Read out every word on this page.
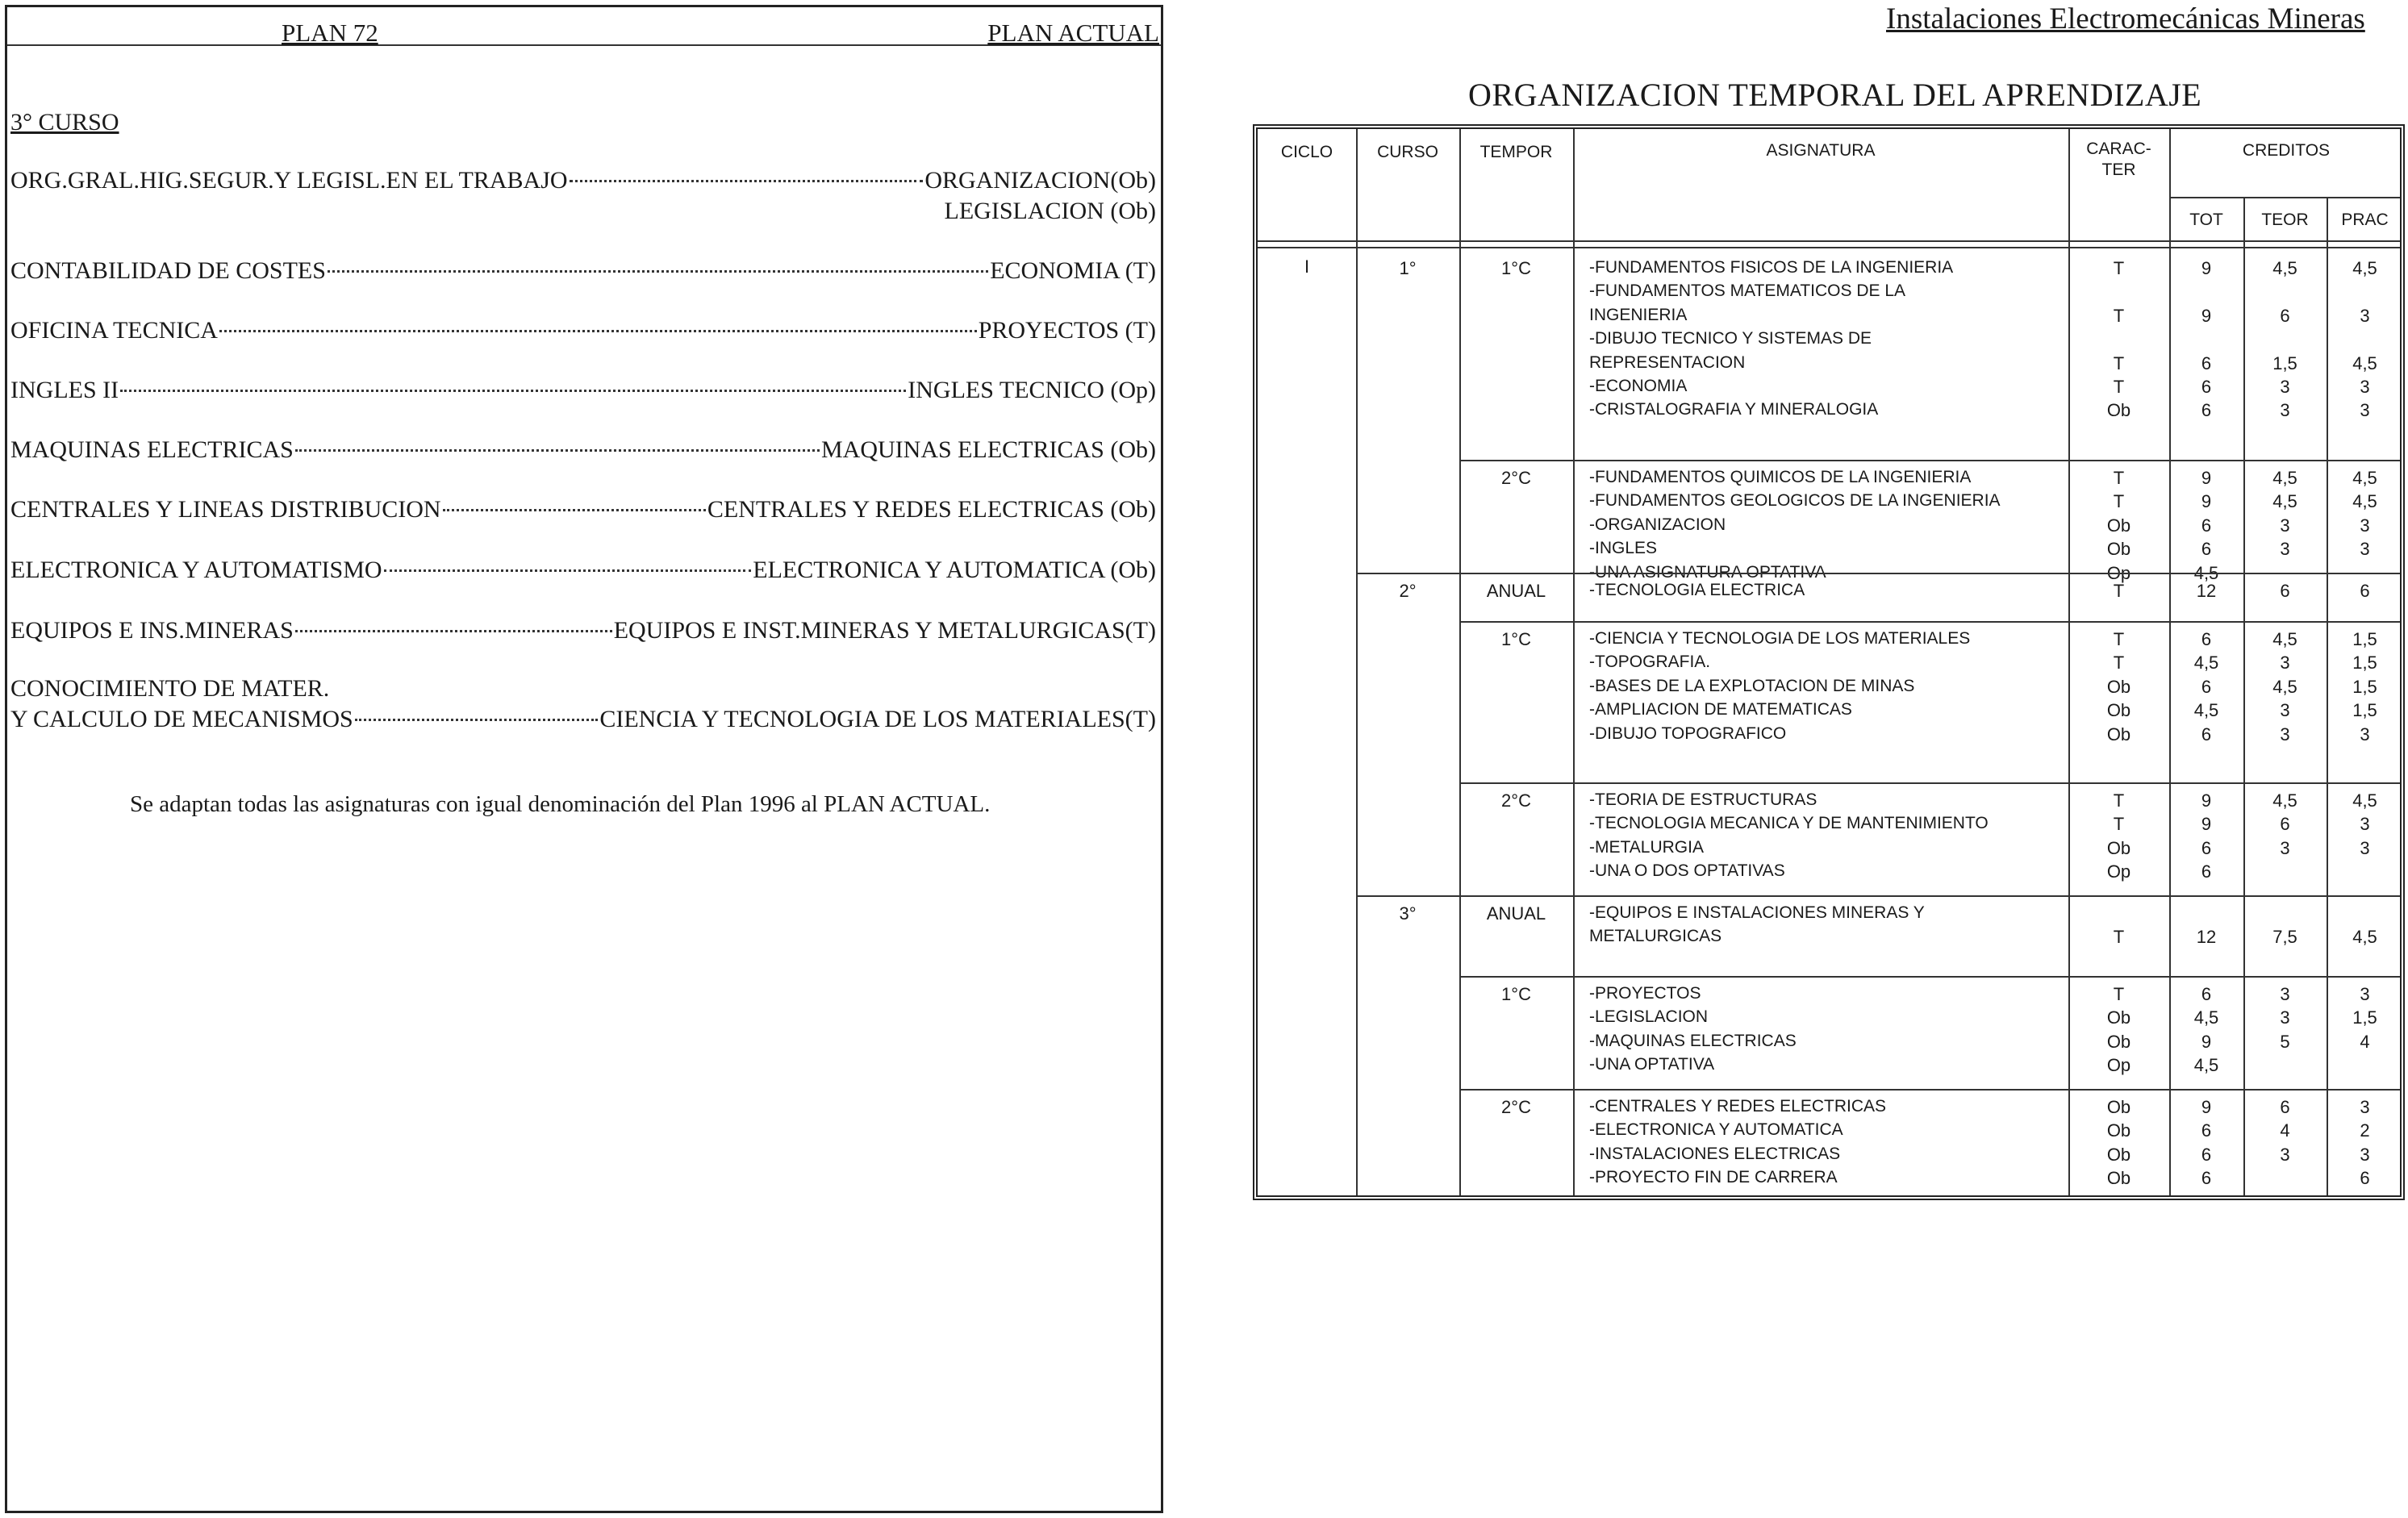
PLAN 72	PLAN ACTUAL
3° CURSO
ORG.GRAL.HIG.SEGUR.Y LEGISL.EN EL TRABAJO	ORGANIZACION(Ob)
LEGISLACION (Ob)
CONTABILIDAD DE COSTES	ECONOMIA (T)
OFICINA TECNICA	PROYECTOS (T)
INGLES II	INGLES TECNICO (Op)
MAQUINAS ELECTRICAS	MAQUINAS ELECTRICAS (Ob)
CENTRALES Y LINEAS DISTRIBUCION	CENTRALES Y REDES ELECTRICAS (Ob)
ELECTRONICA Y AUTOMATISMO	ELECTRONICA Y AUTOMATICA (Ob)
EQUIPOS E INS.MINERAS	EQUIPOS E INST.MINERAS Y METALURGICAS(T)
CONOCIMIENTO DE MATER.
Y CALCULO DE MECANISMOS	CIENCIA Y TECNOLOGIA DE LOS MATERIALES(T)
Se adaptan todas las asignaturas con igual denominación del Plan 1996 al PLAN ACTUAL.
Instalaciones Electromecánicas Mineras
ORGANIZACION TEMPORAL DEL APRENDIZAJE
CICLO	CURSO	TEMPOR	ASIGNATURA	CARAC-
TER
CREDITOS
TOT	TEOR	PRAC
I	1°	1°C	-FUNDAMENTOS FISICOS DE LA INGENIERIA	T	9	4,5	4,5
-FUNDAMENTOS MATEMATICOS DE LA
INGENIERIA	T	9	6	3
-DIBUJO TECNICO Y SISTEMAS DE
REPRESENTACION	T	6	1,5	4,5
-ECONOMIA	T	6	3	3
-CRISTALOGRAFIA Y MINERALOGIA	Ob	6	3	3
2°C	-FUNDAMENTOS QUIMICOS DE LA INGENIERIA	T	9	4,5	4,5
-FUNDAMENTOS GEOLOGICOS DE LA INGENIERIA	T	9	4,5	4,5
-ORGANIZACION	Ob	6	3	3
-INGLES	Ob	6	3	3
-UNA ASIGNATURA OPTATIVA	Op	4,5
2°	ANUAL	-TECNOLOGIA ELECTRICA	T	12	6	6
1°C	-CIENCIA Y TECNOLOGIA DE LOS MATERIALES	T	6	4,5	1,5
-TOPOGRAFIA.	T	4,5	3	1,5
-BASES DE LA EXPLOTACION DE MINAS	Ob	6	4,5	1,5
-AMPLIACION DE MATEMATICAS	Ob	4,5	3	1,5
-DIBUJO TOPOGRAFICO	Ob	6	3	3
2°C	-TEORIA DE ESTRUCTURAS	T	9	4,5	4,5
-TECNOLOGIA MECANICA Y DE MANTENIMIENTO	T	9	6	3
-METALURGIA	Ob	6	3	3
-UNA O DOS OPTATIVAS	Op	6
3°	ANUAL	-EQUIPOS E INSTALACIONES MINERAS Y
METALURGICAS	T	12	7,5	4,5
1°C	-PROYECTOS	T	6	3	3
-LEGISLACION	Ob	4,5	3	1,5
-MAQUINAS ELECTRICAS	Ob	9	5	4
-UNA OPTATIVA	Op	4,5
2°C	-CENTRALES Y REDES ELECTRICAS	Ob	9	6	3
-ELECTRONICA Y AUTOMATICA	Ob	6	4	2
-INSTALACIONES ELECTRICAS	Ob	6	3	3
-PROYECTO FIN DE CARRERA	Ob	6	6
